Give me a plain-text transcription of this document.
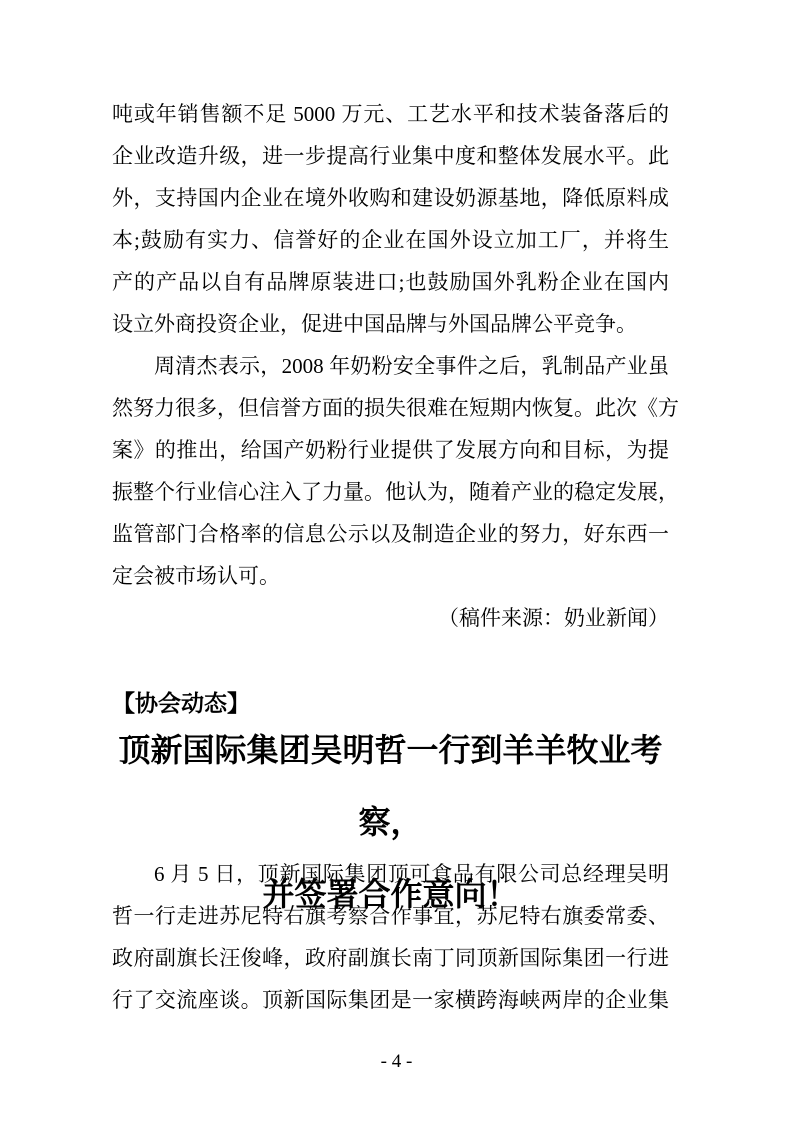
吨或年销售额不足 5000 万元、工艺水平和技术装备落后的
企业改造升级，进一步提高行业集中度和整体发展水平。此
外，支持国内企业在境外收购和建设奶源基地，降低原料成
本;鼓励有实力、信誉好的企业在国外设立加工厂，并将生
产的产品以自有品牌原装进口;也鼓励国外乳粉企业在国内
设立外商投资企业，促进中国品牌与外国品牌公平竞争。
周清杰表示，2008 年奶粉安全事件之后，乳制品产业虽
然努力很多，但信誉方面的损失很难在短期内恢复。此次《方
案》的推出，给国产奶粉行业提供了发展方向和目标，为提
振整个行业信心注入了力量。他认为，随着产业的稳定发展，
监管部门合格率的信息公示以及制造企业的努力，好东西一
定会被市场认可。
（稿件来源：奶业新闻）
【协会动态】
顶新国际集团吴明哲一行到羊羊牧业考察，
并签署合作意向！
6 月 5 日，顶新国际集团顶可食品有限公司总经理吴明
哲一行走进苏尼特右旗考察合作事宜，苏尼特右旗委常委、
政府副旗长汪俊峰，政府副旗长南丁同顶新国际集团一行进
行了交流座谈。顶新国际集团是一家横跨海峡两岸的企业集
- 4 -
